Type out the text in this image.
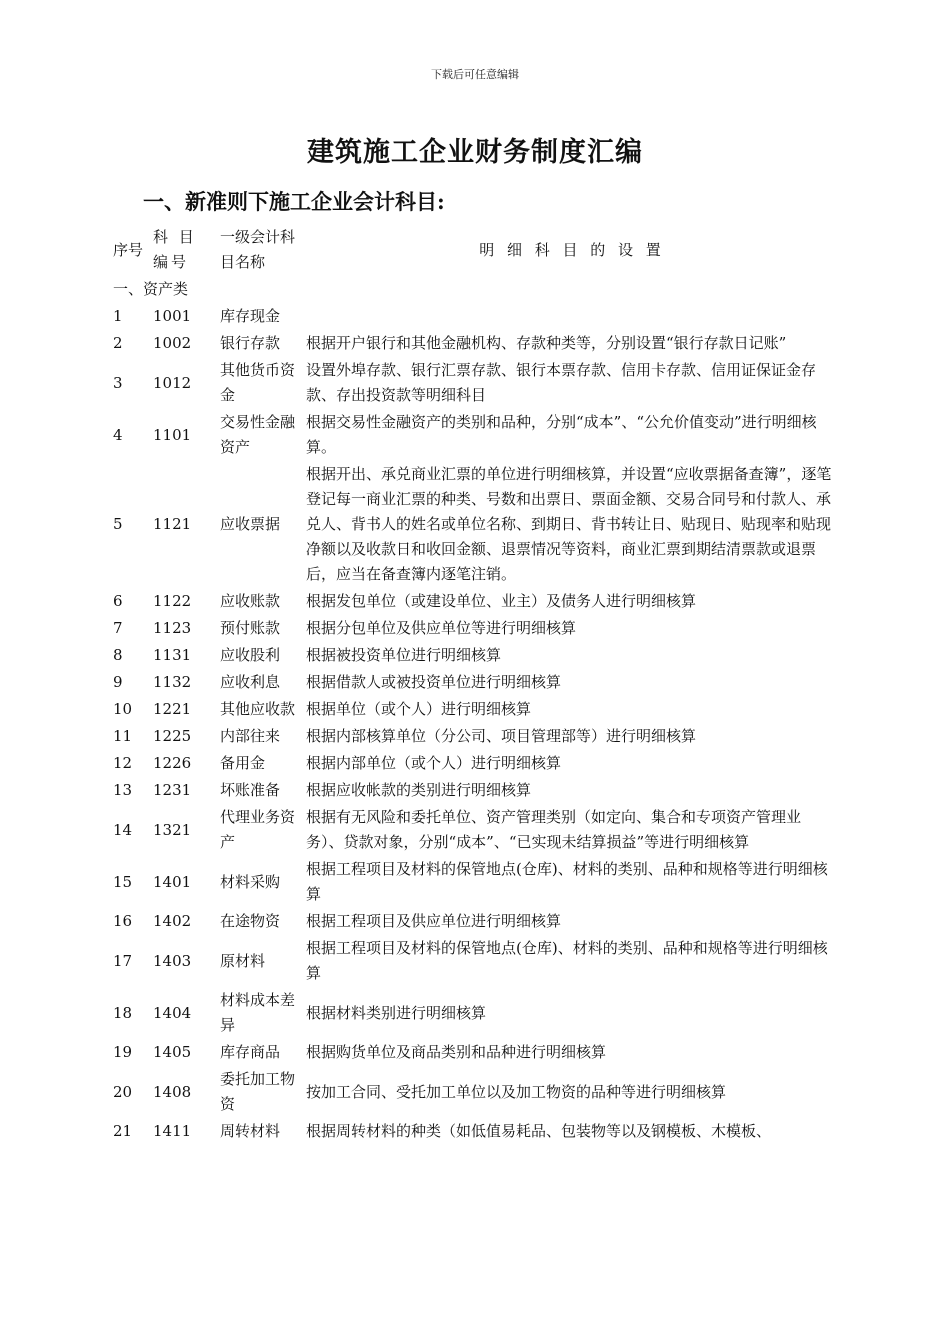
下载后可任意编辑
建筑施工企业财务制度汇编
一、新准则下施工企业会计科目:
序号	科 目 编号	一级会计科目名称	明 细 科 目 的 设 置
一、资产类			
1	1001	库存现金	
2	1002	银行存款	根据开户银行和其他金融机构、存款种类等，分别设置“银行存款日记账”
3	1012	其他货币资金	设置外埠存款、银行汇票存款、银行本票存款、信用卡存款、信用证保证金存款、存出投资款等明细科目
4	1101	交易性金融资产	根据交易性金融资产的类别和品种，分别“成本”、“公允价值变动”进行明细核算。
5	1121	应收票据	根据开出、承兑商业汇票的单位进行明细核算，并设置“应收票据备查簿”，逐笔登记每一商业汇票的种类、号数和出票日、票面金额、交易合同号和付款人、承兑人、背书人的姓名或单位名称、到期日、背书转让日、贴现日、贴现率和贴现净额以及收款日和收回金额、退票情况等资料，商业汇票到期结清票款或退票后，应当在备查簿内逐笔注销。
6	1122	应收账款	根据发包单位（或建设单位、业主）及债务人进行明细核算
7	1123	预付账款	根据分包单位及供应单位等进行明细核算
8	1131	应收股利	根据被投资单位进行明细核算
9	1132	应收利息	根据借款人或被投资单位进行明细核算
10	1221	其他应收款	根据单位（或个人）进行明细核算
11	1225	内部往来	根据内部核算单位（分公司、项目管理部等）进行明细核算
12	1226	备用金	根据内部单位（或个人）进行明细核算
13	1231	坏账准备	根据应收帐款的类别进行明细核算
14	1321	代理业务资产	根据有无风险和委托单位、资产管理类别（如定向、集合和专项资产管理业务）、贷款对象，分别“成本”、“已实现未结算损益”等进行明细核算
15	1401	材料采购	根据工程项目及材料的保管地点(仓库)、材料的类别、品种和规格等进行明细核算
16	1402	在途物资	根据工程项目及供应单位进行明细核算
17	1403	原材料	根据工程项目及材料的保管地点(仓库)、材料的类别、品种和规格等进行明细核算
18	1404	材料成本差异	根据材料类别进行明细核算
19	1405	库存商品	根据购货单位及商品类别和品种进行明细核算
20	1408	委托加工物资	按加工合同、受托加工单位以及加工物资的品种等进行明细核算
21	1411	周转材料	根据周转材料的种类（如低值易耗品、包装物等以及钢模板、木模板、
